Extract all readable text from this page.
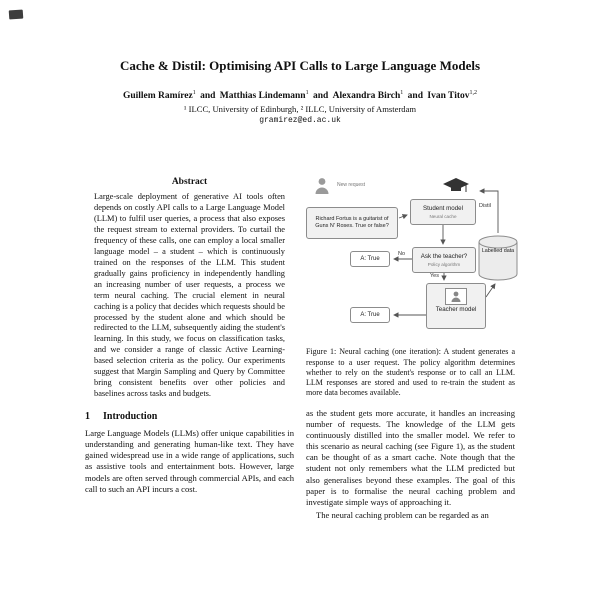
Cache & Distil: Optimising API Calls to Large Language Models
Guillem Ramírez$^1$ and Matthias Lindemann$^1$ and Alexandra Birch$^1$ and Ivan Titov$^{1,2}$
¹ ILCC, University of Edinburgh, ² ILLC, University of Amsterdam
gramirez@ed.ac.uk
Abstract

Large-scale deployment of generative AI tools often depends on costly API calls to a Large Language Model (LLM) to fulfil user queries, a process that also exposes the request stream to external providers. To curtail the frequency of these calls, one can employ a local smaller language model – a student – which is continuously trained on the responses of the LLM. This student gradually gains proficiency in independently handling an increasing number of user requests, a process we term neural caching. The crucial element in neural caching is a policy that decides which requests should be processed by the student alone and which should be redirected to the LLM, subsequently aiding the student's learning. In this study, we focus on classification tasks, and we consider a range of classic Active Learning-based selection criteria as the policy. Our experiments suggest that Margin Sampling and Query by Committee bring consistent benefits over other policies and baselines across tasks and budgets.

1 Introduction

Large Language Models (LLMs) offer unique capabilities in understanding and generating human-like text. They have gained widespread use in a wide range of applications, such as assistive tools and entertainment bots. However, large models are often served through commercial APIs, and each call to such an API incurs a cost.

New request
Richard Fortus is a guitarist of Guns N' Roses. True or false?
Student model
Neural cache
Distil
Labelled data
Ask the teacher?
Policy algorithm
No
Yes
A: True
Teacher model
A: True

Figure 1: Neural caching (one iteration): A student generates a response to a user request. The policy algorithm determines whether to rely on the student's response or to call an LLM. LLM responses are stored and used to re-train the student as more data becomes available.

as the student gets more accurate, it handles an increasing number of requests. The knowledge of the LLM gets continuously distilled into the smaller model. We refer to this scenario as neural caching (see Figure 1), as the student can be thought of as a smart cache. Note though that the student not only remembers what the LLM predicted but also generalises beyond these examples. The goal of this paper is to formalise the neural caching problem and investigate simple ways of approaching it.

The neural caching problem can be regarded as an
